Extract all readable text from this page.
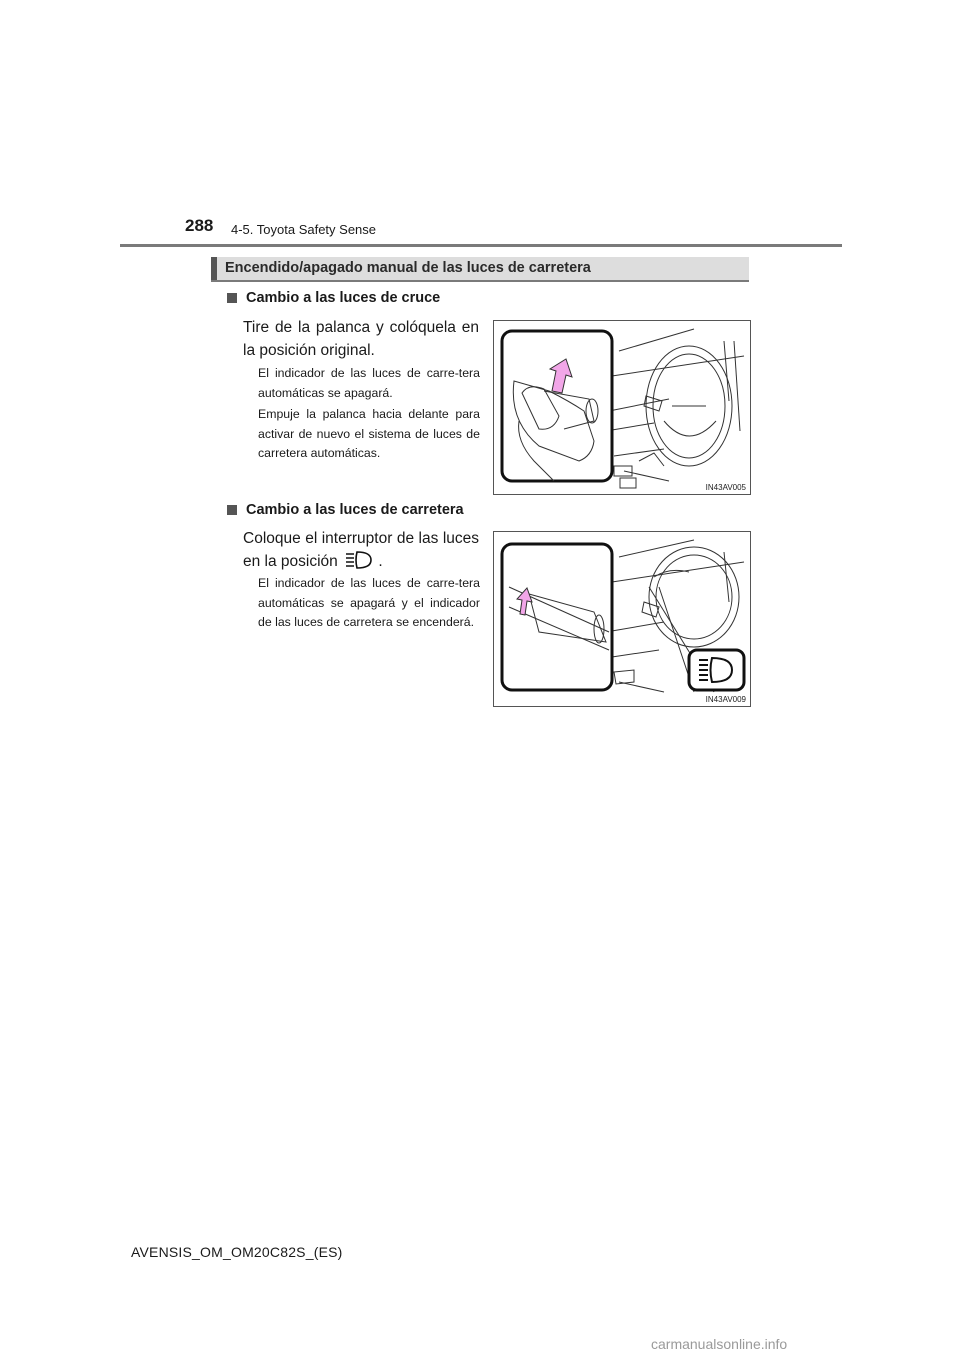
288 4-5. Toyota Safety Sense
Encendido/apagado manual de las luces de carretera
Cambio a las luces de cruce
Tire de la palanca y colóquela en la posición original.
El indicador de las luces de carre-tera automáticas se apagará.
Empuje la palanca hacia delante para activar de nuevo el sistema de luces de carretera automáticas.
IN43AV005
Cambio a las luces de carretera
Coloque el interruptor de las luces en la posición	.
El indicador de las luces de carre-tera automáticas se apagará y el indicador de las luces de carretera se encenderá.
IN43AV009
AVENSIS_OM_OM20C82S_(ES)
carmanualsonline.info
